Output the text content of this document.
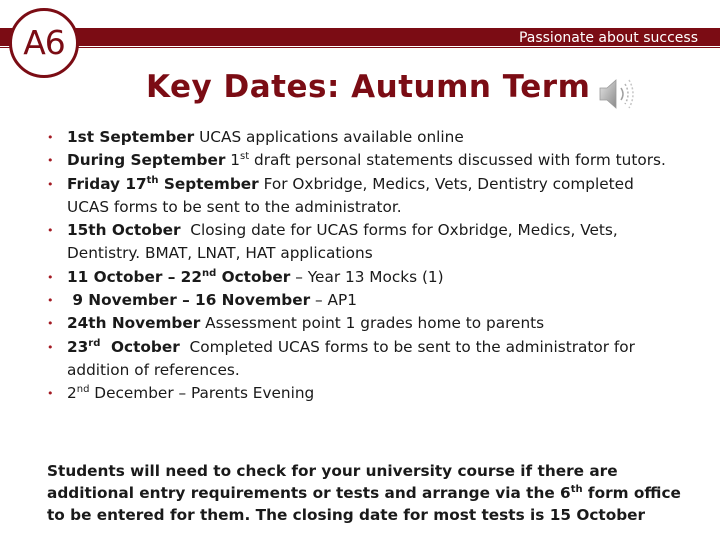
Passionate about success
A6
Key Dates: Autumn Term
• 1st September UCAS applications available online
• During September 1st draft personal statements discussed with form tutors.
• Friday 17th September For Oxbridge, Medics, Vets, Dentistry completed UCAS forms to be sent to the administrator.
• 15th October  Closing date for UCAS forms for Oxbridge, Medics, Vets, Dentistry. BMAT, LNAT, HAT applications
• 11 October – 22nd October – Year 13 Mocks (1)
• 9 November – 16 November – AP1
• 24th November Assessment point 1 grades home to parents
• 23rd  October  Completed UCAS forms to be sent to the administrator for addition of references.
• 2nd December – Parents Evening
Students will need to check for your university course if there are additional entry requirements or tests and arrange via the 6th form office to be entered for them. The closing date for most tests is 15 October
